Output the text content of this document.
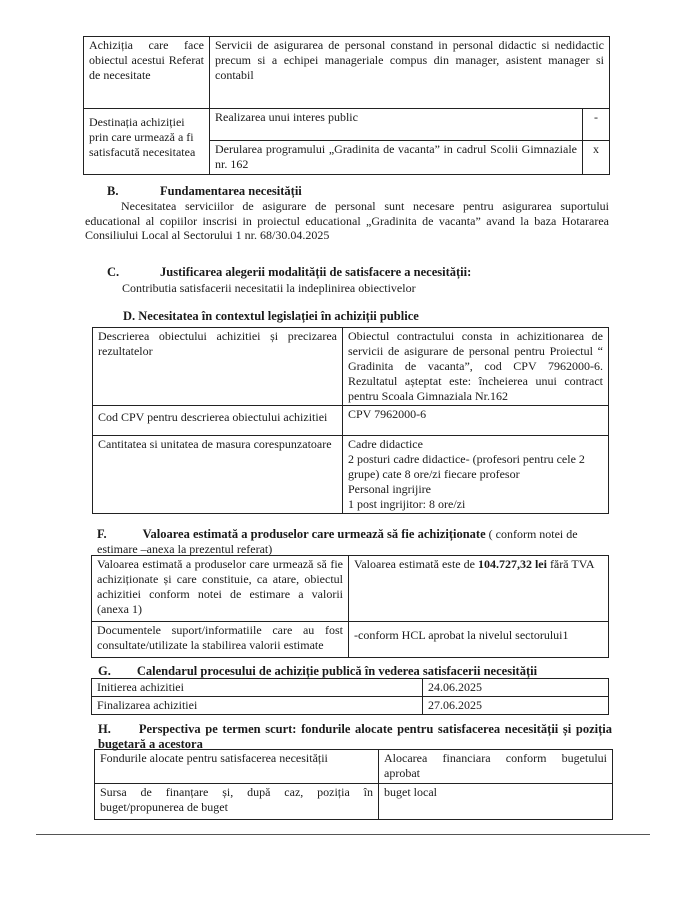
Achiziția care face obiectul acestui Referat de necesitate	Servicii de asigurarea de personal constand in personal didactic si nedidactic precum si a echipei manageriale compus din manager, asistent manager si contabil	
Destinația achiziției prin care urmează a fi satisfacută necesitatea	Realizarea unui interes public	-
	Derularea programului „Gradinita de vacanta” in cadrul Scolii Gimnaziale nr. 162	x
B.	Fundamentarea necesității
Necesitatea serviciilor de asigurare de personal sunt necesare pentru asigurarea suportului educational al copiilor inscrisi in proiectul educational „Gradinita de vacanta” avand la baza Hotararea Consiliului Local al Sectorului 1 nr. 68/30.04.2025
C.	Justificarea alegerii modalității de satisfacere a necesității:
Contributia satisfacerii necesitatii la indeplinirea obiectivelor
D. Necesitatea în contextul legislației în achiziții publice
Descrierea obiectului achizitiei și precizarea rezultatelor	Obiectul contractului consta in achizitionarea de servicii de asigurare de personal pentru Proiectul “ Gradinita de vacanta”, cod CPV 7962000-6. Rezultatul așteptat este: încheierea unui contract pentru Scoala Gimnaziala Nr.162
Cod CPV pentru descrierea obiectului achizitiei	CPV 7962000-6
Cantitatea si unitatea de masura corespunzatoare	Cadre didactice
2 posturi cadre didactice- (profesori pentru cele 2 grupe) cate 8 ore/zi fiecare profesor
Personal ingrijire
1 post ingrijitor: 8 ore/zi
F.	Valoarea estimată a produselor care urmează să fie achiziționate ( conform notei de estimare –anexa la prezentul referat)
Valoarea estimată a produselor care urmează să fie achiziționate și care constituie, ca atare, obiectul achizitiei conform notei de estimare a valorii (anexa 1)	Valoarea estimată este de 104.727,32 lei fără TVA
Documentele suport/informatiile care au fost consultate/utilizate la stabilirea valorii estimate	-conform HCL aprobat la nivelul sectorului1
G. Calendarul procesului de achiziție publică în vederea satisfacerii necesității
Initierea achizitiei	24.06.2025
Finalizarea achizitiei	27.06.2025
H. Perspectiva pe termen scurt: fondurile alocate pentru satisfacerea necesității și poziția bugetară a acestora
Fondurile alocate pentru satisfacerea necesității	Alocarea financiara conform bugetului aprobat
Sursa de finanțare și, după caz, poziția în buget/propunerea de buget	buget local
